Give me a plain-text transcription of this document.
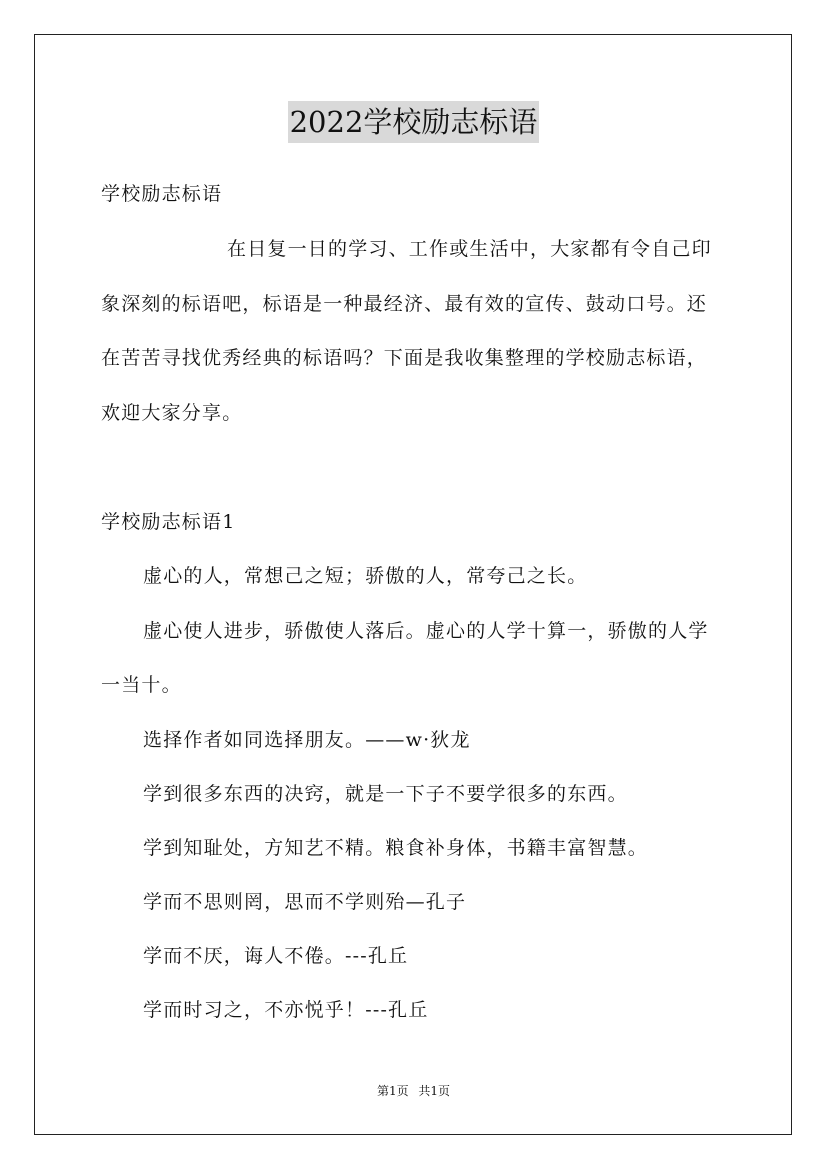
2022学校励志标语
学校励志标语
在日复一日的学习、工作或生活中，大家都有令自己印
象深刻的标语吧，标语是一种最经济、最有效的宣传、鼓动口号。还
在苦苦寻找优秀经典的标语吗？下面是我收集整理的学校励志标语，
欢迎大家分享。
学校励志标语1
虚心的人，常想己之短；骄傲的人，常夸己之长。
虚心使人进步，骄傲使人落后。虚心的人学十算一，骄傲的人学
一当十。
选择作者如同选择朋友。——w·狄龙
学到很多东西的决窍，就是一下子不要学很多的东西。
学到知耻处，方知艺不精。粮食补身体，书籍丰富智慧。
学而不思则罔，思而不学则殆—孔子
学而不厌，诲人不倦。---孔丘
学而时习之，不亦悦乎！---孔丘
第1页 共1页
